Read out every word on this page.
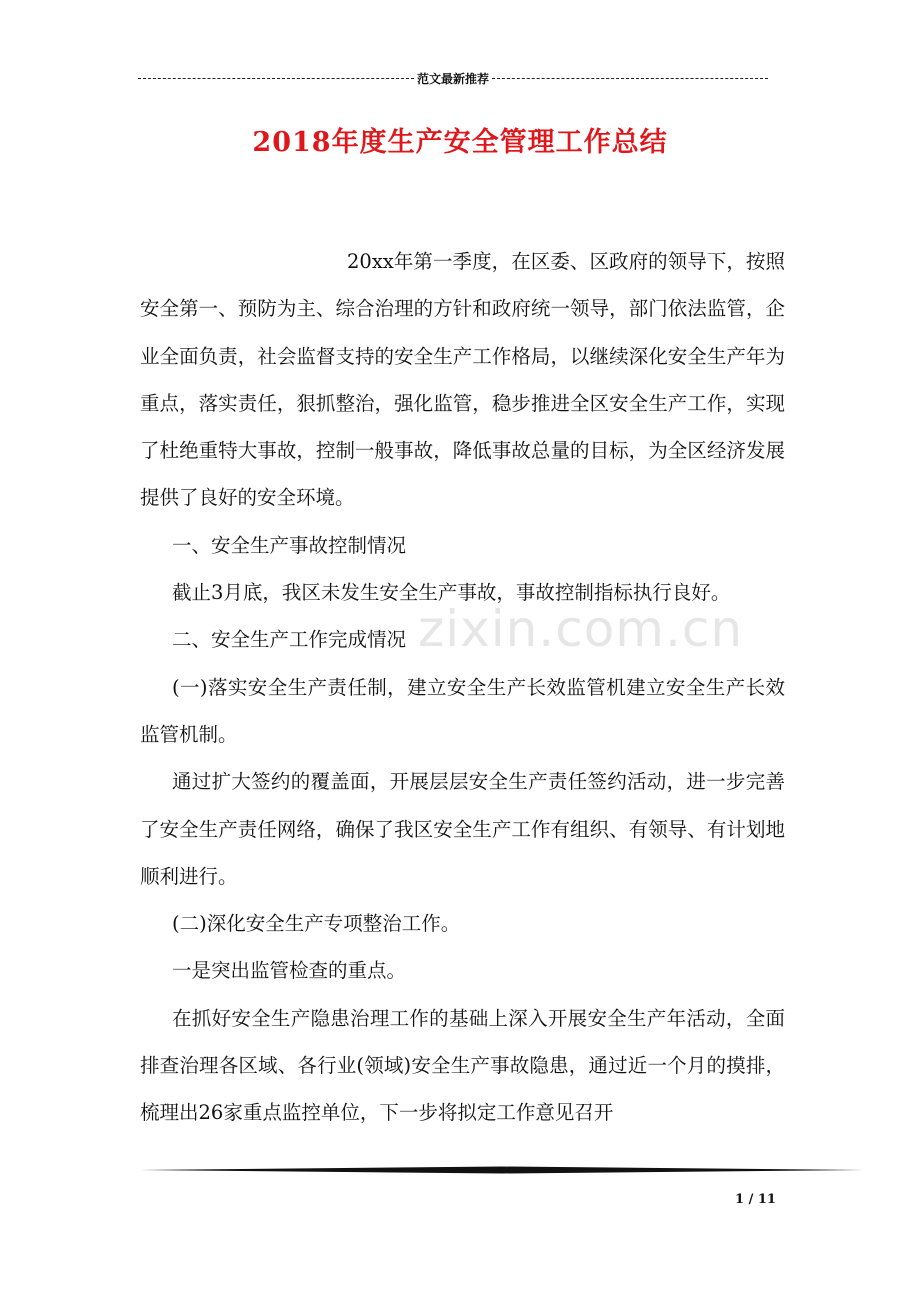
范文最新推荐
2018年度生产安全管理工作总结
zixin.com.cn

20xx年第一季度，在区委、区政府的领导下，按照安全第一、预防为主、综合治理的方针和政府统一领导，部门依法监管，企业全面负责，社会监督支持的安全生产工作格局，以继续深化安全生产年为重点，落实责任，狠抓整治，强化监管，稳步推进全区安全生产工作，实现了杜绝重特大事故，控制一般事故，降低事故总量的目标，为全区经济发展提供了良好的安全环境。

一、安全生产事故控制情况

截止3月底，我区未发生安全生产事故，事故控制指标执行良好。

二、安全生产工作完成情况

(一)落实安全生产责任制，建立安全生产长效监管机建立安全生产长效监管机制。

通过扩大签约的覆盖面，开展层层安全生产责任签约活动，进一步完善了安全生产责任网络，确保了我区安全生产工作有组织、有领导、有计划地顺利进行。

(二)深化安全生产专项整治工作。

一是突出监管检查的重点。

在抓好安全生产隐患治理工作的基础上深入开展安全生产年活动，全面排查治理各区域、各行业(领域)安全生产事故隐患，通过近一个月的摸排，梳理出26家重点监控单位，下一步将拟定工作意见召开

1 / 11
